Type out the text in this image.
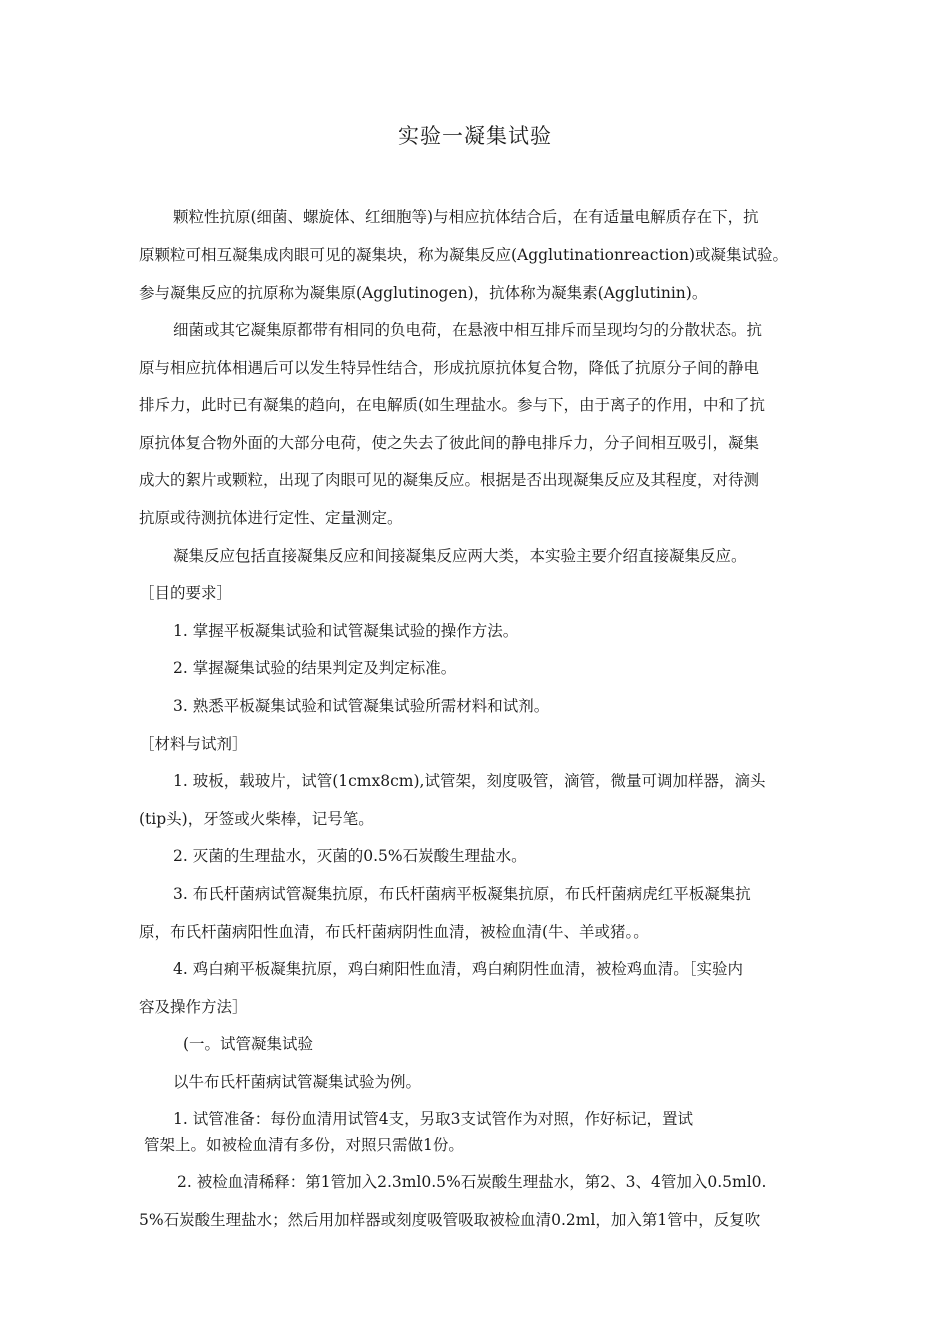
实验一凝集试验
颗粒性抗原(细菌、螺旋体、红细胞等)与相应抗体结合后，在有适量电解质存在下，抗
原颗粒可相互凝集成肉眼可见的凝集块，称为凝集反应(Agglutinationreaction)或凝集试验。
参与凝集反应的抗原称为凝集原(Agglutinogen)，抗体称为凝集素(Agglutinin)。
细菌或其它凝集原都带有相同的负电荷，在悬液中相互排斥而呈现均匀的分散状态。抗
原与相应抗体相遇后可以发生特异性结合，形成抗原抗体复合物，降低了抗原分子间的静电
排斥力，此时已有凝集的趋向，在电解质(如生理盐水。参与下，由于离子的作用，中和了抗
原抗体复合物外面的大部分电荷，使之失去了彼此间的静电排斥力，分子间相互吸引，凝集
成大的絮片或颗粒，出现了肉眼可见的凝集反应。根据是否出现凝集反应及其程度，对待测
抗原或待测抗体进行定性、定量测定。
凝集反应包括直接凝集反应和间接凝集反应两大类，本实验主要介绍直接凝集反应。
［目的要求］
1. 掌握平板凝集试验和试管凝集试验的操作方法。
2. 掌握凝集试验的结果判定及判定标准。
3. 熟悉平板凝集试验和试管凝集试验所需材料和试剂。
［材料与试剂］
1. 玻板，载玻片，试管(1cmx8cm),试管架，刻度吸管，滴管，微量可调加样器，滴头
(tip头)，牙签或火柴棒，记号笔。
2. 灭菌的生理盐水，灭菌的0.5%石炭酸生理盐水。
3. 布氏杆菌病试管凝集抗原，布氏杆菌病平板凝集抗原，布氏杆菌病虎红平板凝集抗
原，布氏杆菌病阳性血清，布氏杆菌病阴性血清，被检血清(牛、羊或猪。。
4. 鸡白痢平板凝集抗原，鸡白痢阳性血清，鸡白痢阴性血清，被检鸡血清。［实验内
容及操作方法］
(一。试管凝集试验
以牛布氏杆菌病试管凝集试验为例。
1. 试管准备：每份血清用试管4支，另取3支试管作为对照，作好标记，置试
管架上。如被检血清有多份，对照只需做1份。
2. 被检血清稀释：第1管加入2.3ml0.5%石炭酸生理盐水，第2、3、4管加入0.5ml0.
5%石炭酸生理盐水；然后用加样器或刻度吸管吸取被检血清0.2ml，加入第1管中，反复吹
